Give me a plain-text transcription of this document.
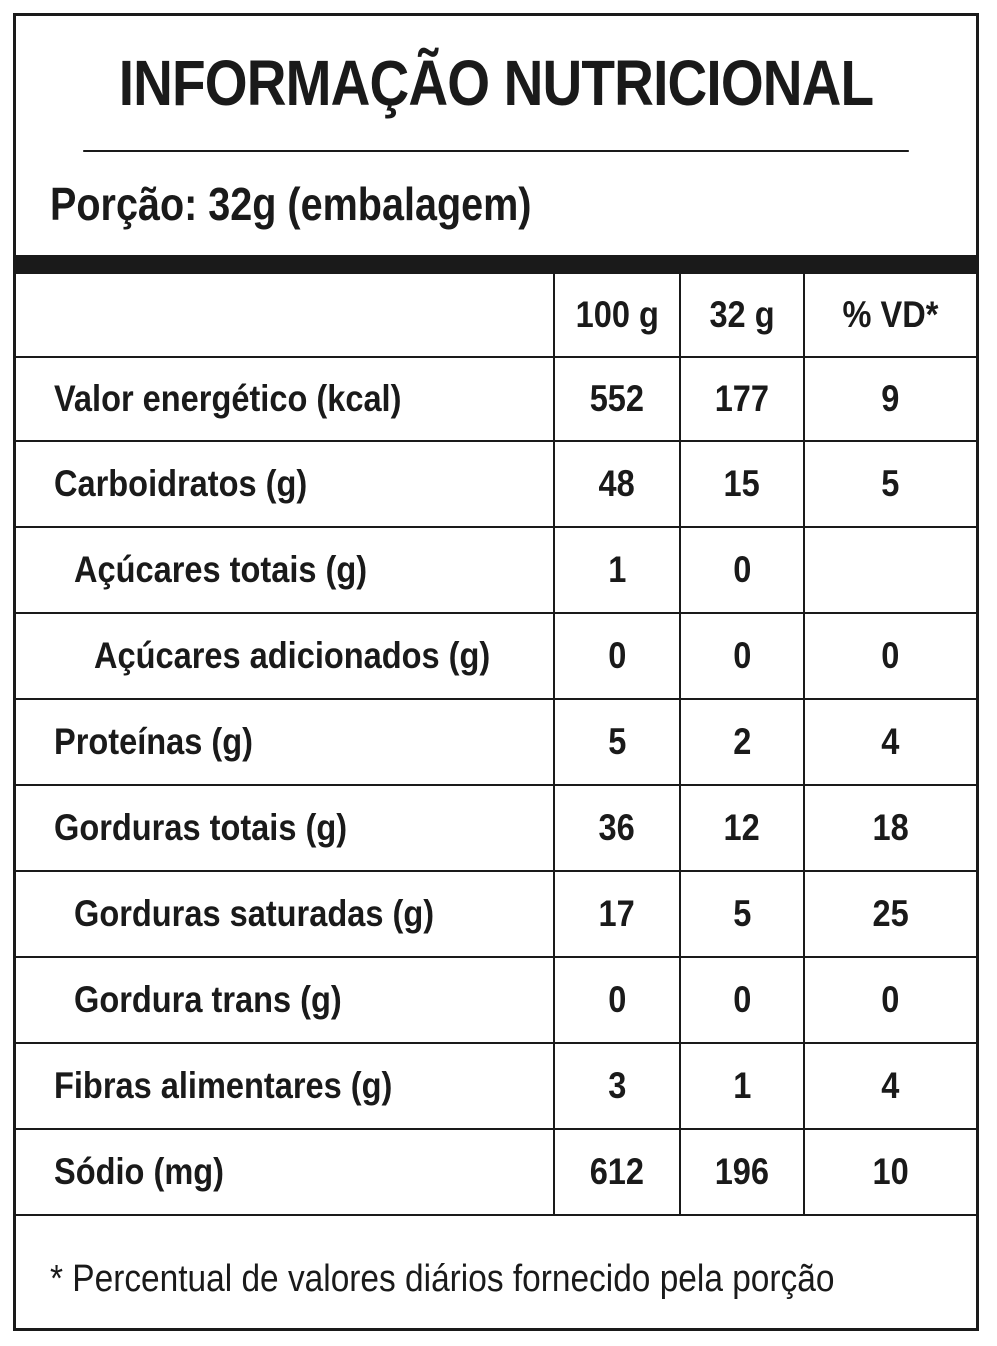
INFORMAÇÃO NUTRICIONAL
Porção: 32g (embalagem)
	100 g	32 g	% VD*
Valor energético (kcal)	552	177	9
Carboidratos (g)	48	15	5
Açúcares totais (g)	1	0	
Açúcares adicionados (g)	0	0	0
Proteínas (g)	5	2	4
Gorduras totais (g)	36	12	18
Gorduras saturadas (g)	17	5	25
Gordura trans (g)	0	0	0
Fibras alimentares (g)	3	1	4
Sódio (mg)	612	196	10
* Percentual de valores diários fornecido pela porção
